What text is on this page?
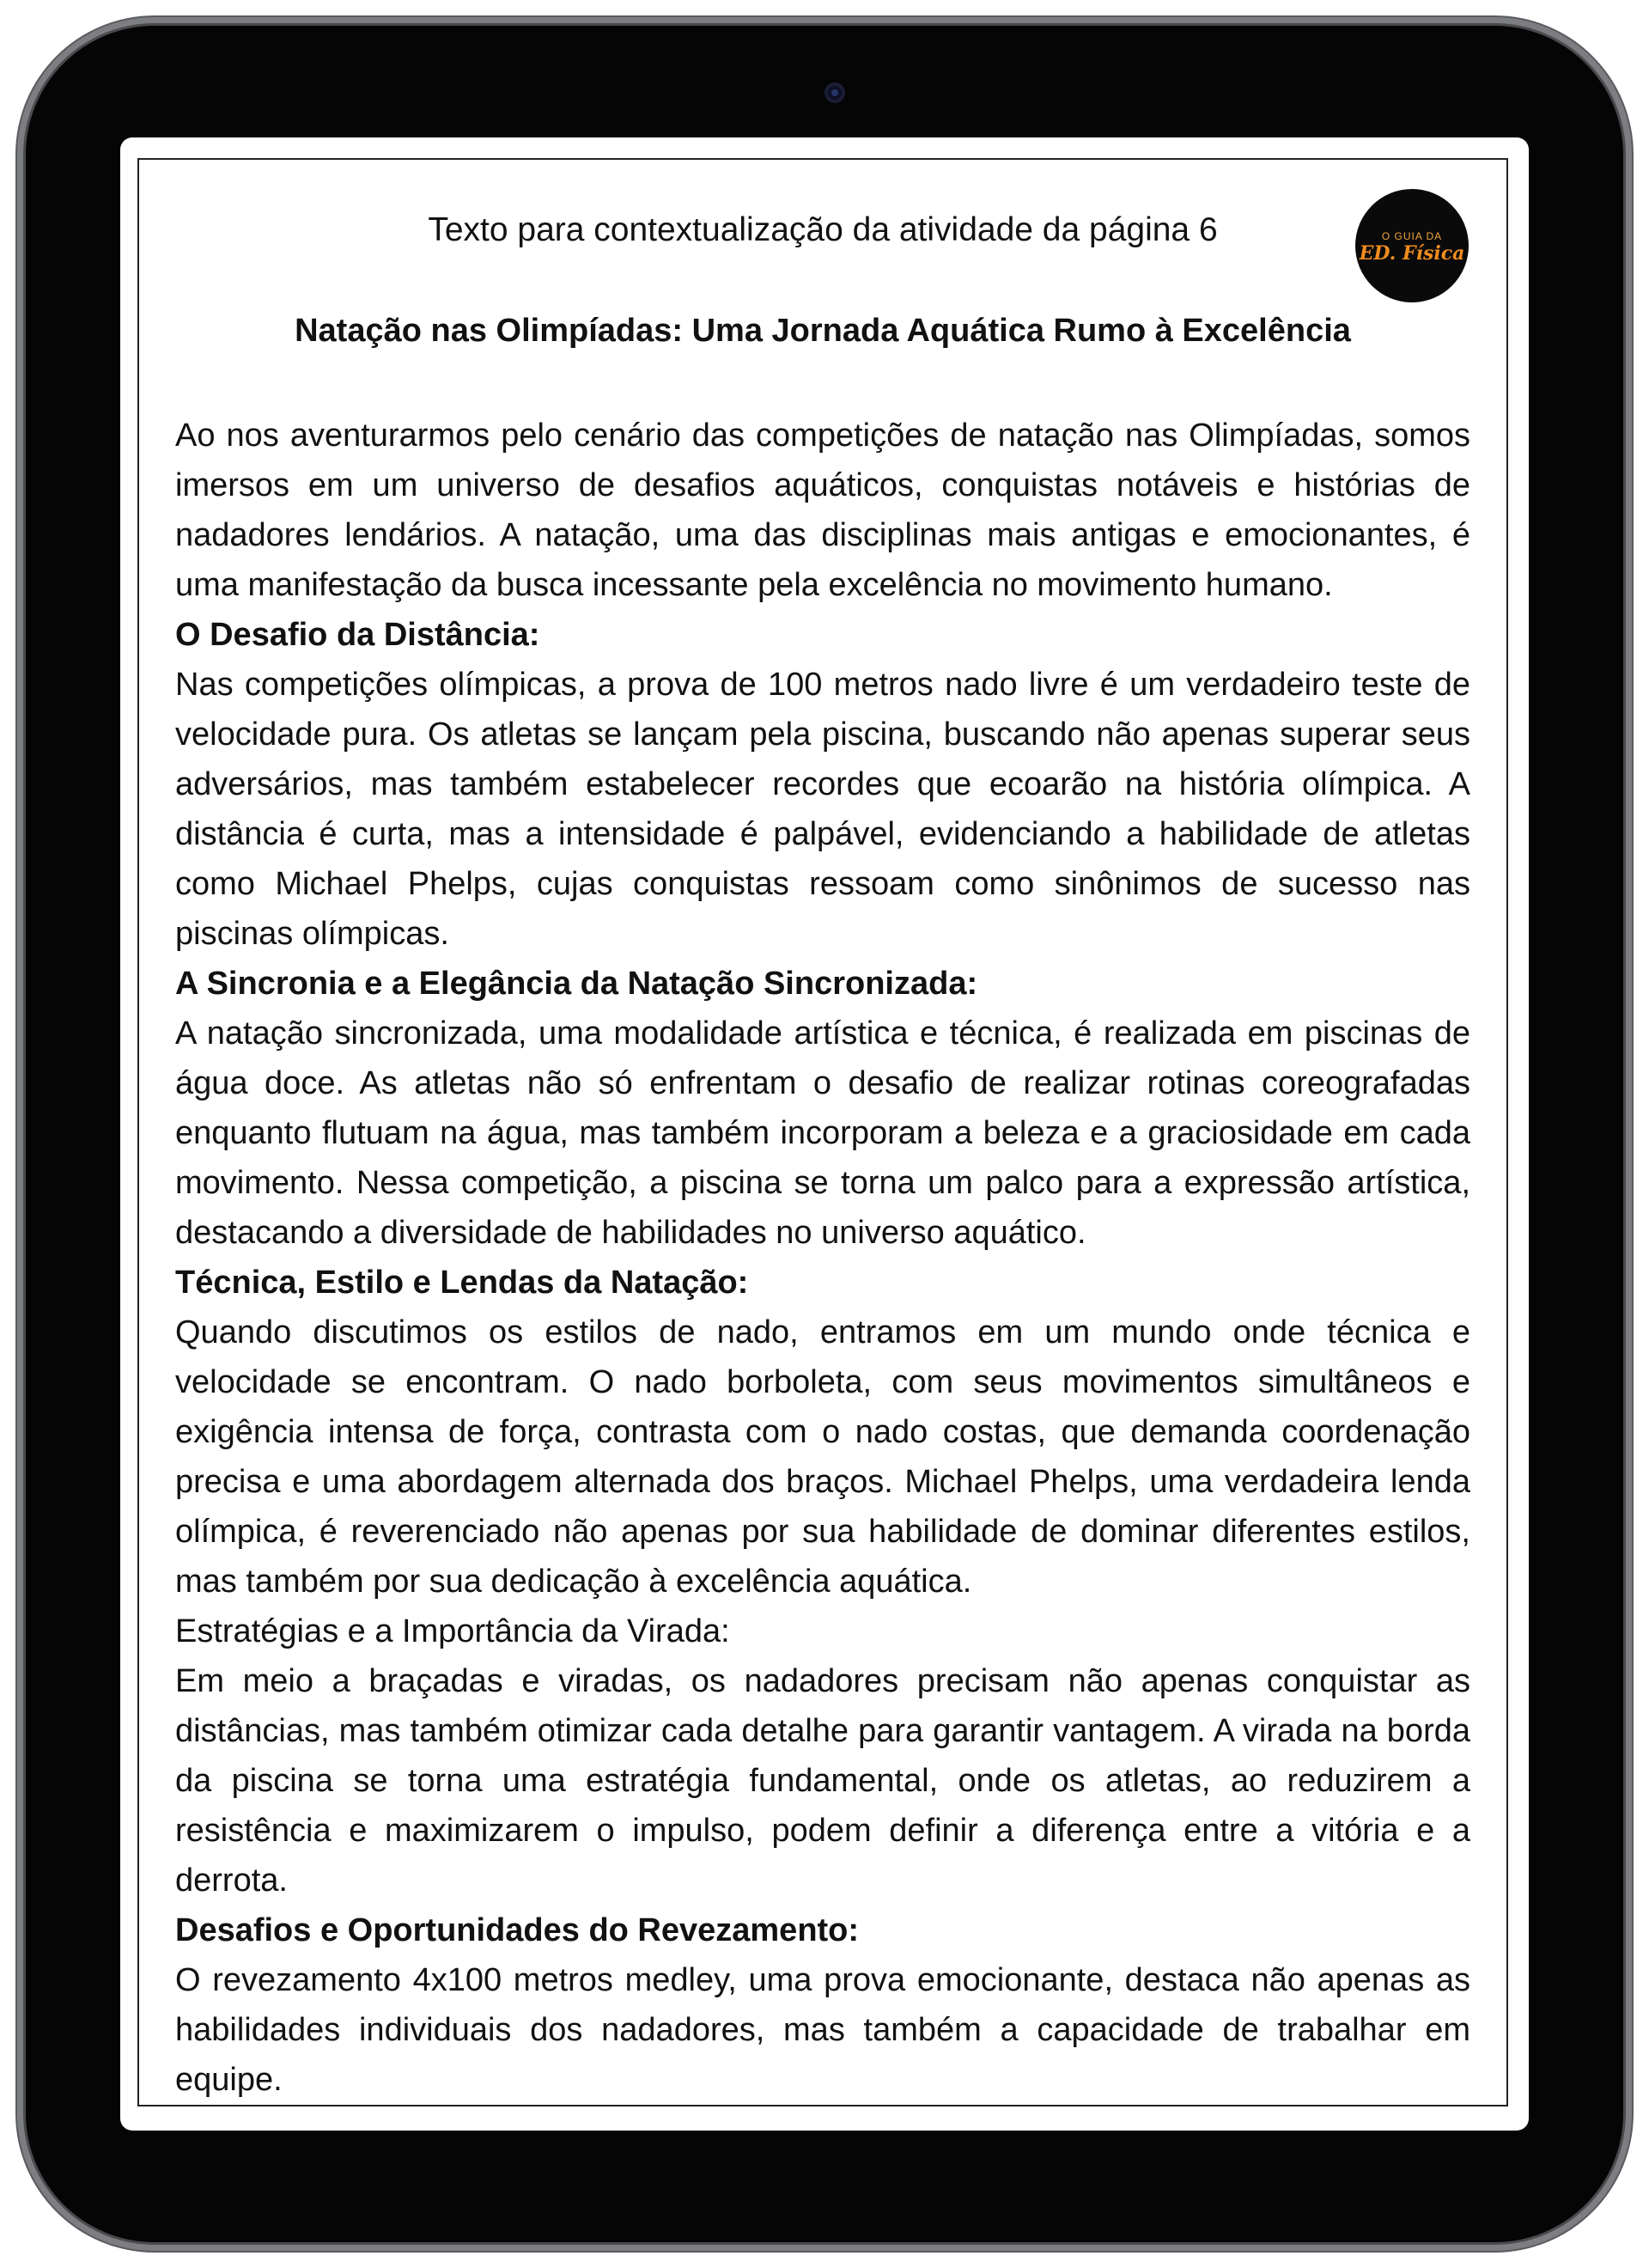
Texto para contextualização da atividade da página 6	O GUIA DA
ED. Física
Natação nas Olimpíadas: Uma Jornada Aquática Rumo à Excelência

Ao nos aventurarmos pelo cenário das competições de natação nas Olimpíadas, somos imersos em um universo de desafios aquáticos, conquistas notáveis e histórias de nadadores lendários. A natação, uma das disciplinas mais antigas e emocionantes, é uma manifestação da busca incessante pela excelência no movimento humano.

O Desafio da Distância:

Nas competições olímpicas, a prova de 100 metros nado livre é um verdadeiro teste de velocidade pura. Os atletas se lançam pela piscina, buscando não apenas superar seus adversários, mas também estabelecer recordes que ecoarão na história olímpica. A distância é curta, mas a intensidade é palpável, evidenciando a habilidade de atletas como Michael Phelps, cujas conquistas ressoam como sinônimos de sucesso nas piscinas olímpicas.

A Sincronia e a Elegância da Natação Sincronizada:

A natação sincronizada, uma modalidade artística e técnica, é realizada em piscinas de água doce. As atletas não só enfrentam o desafio de realizar rotinas coreografadas enquanto flutuam na água, mas também incorporam a beleza e a graciosidade em cada movimento. Nessa competição, a piscina se torna um palco para a expressão artística, destacando a diversidade de habilidades no universo aquático.

Técnica, Estilo e Lendas da Natação:

Quando discutimos os estilos de nado, entramos em um mundo onde técnica e velocidade se encontram. O nado borboleta, com seus movimentos simultâneos e exigência intensa de força, contrasta com o nado costas, que demanda coordenação precisa e uma abordagem alternada dos braços. Michael Phelps, uma verdadeira lenda olímpica, é reverenciado não apenas por sua habilidade de dominar diferentes estilos, mas também por sua dedicação à excelência aquática.

Estratégias e a Importância da Virada:

Em meio a braçadas e viradas, os nadadores precisam não apenas conquistar as distâncias, mas também otimizar cada detalhe para garantir vantagem. A virada na borda da piscina se torna uma estratégia fundamental, onde os atletas, ao reduzirem a resistência e maximizarem o impulso, podem definir a diferença entre a vitória e a derrota.

Desafios e Oportunidades do Revezamento:

O revezamento 4x100 metros medley, uma prova emocionante, destaca não apenas as habilidades individuais dos nadadores, mas também a capacidade de trabalhar em equipe.
